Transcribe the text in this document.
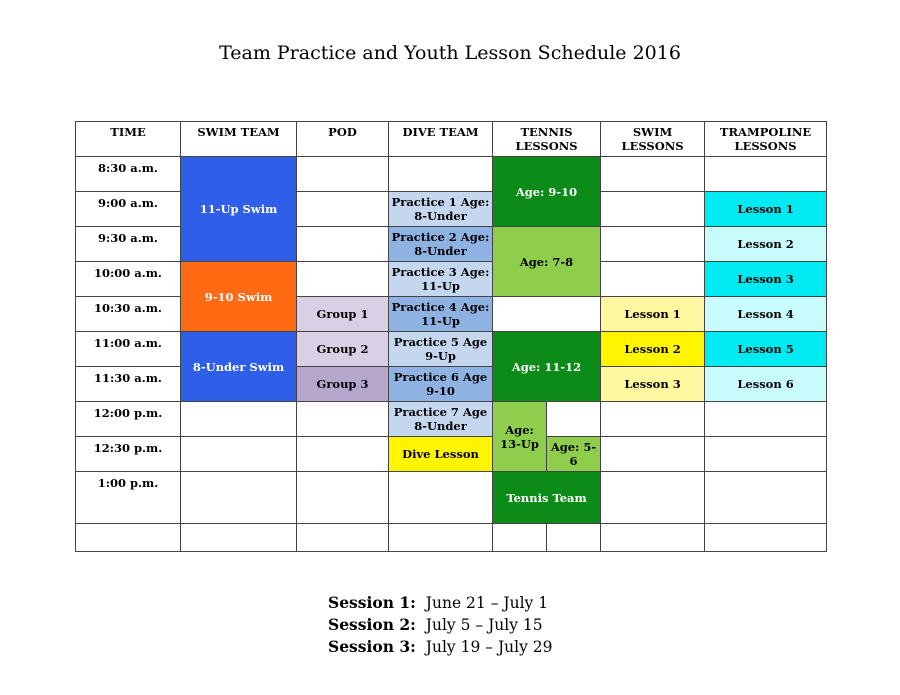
Team Practice and Youth Lesson Schedule 2016
TIME	SWIM TEAM	POD	DIVE TEAM	TENNIS LESSONS		SWIM LESSONS	TRAMPOLINE LESSONS
8:30 a.m.	11-Up Swim			Age: 9-10			
9:00 a.m.			Practice 1 Age: 8-Under				Lesson 1
9:30 a.m.			Practice 2 Age: 8-Under	Age: 7-8			Lesson 2
10:00 a.m.	9-10 Swim		Practice 3 Age: 11-Up				Lesson 3
10:30 a.m.		Group 1	Practice 4 Age: 11-Up			Lesson 1	Lesson 4
11:00 a.m.	8-Under Swim	Group 2	Practice 5 Age 9-Up	Age: 11-12		Lesson 2	Lesson 5
11:30 a.m.		Group 3	Practice 6 Age 9-10			Lesson 3	Lesson 6
12:00 p.m.			Practice 7 Age 8-Under	Age: 13-Up			
12:30 p.m.			Dive Lesson		Age: 5-6		
1:00 p.m.				Tennis Team			

Session 1: June 21 – July 1
Session 2: July 5 – July 15
Session 3: July 19 – July 29
